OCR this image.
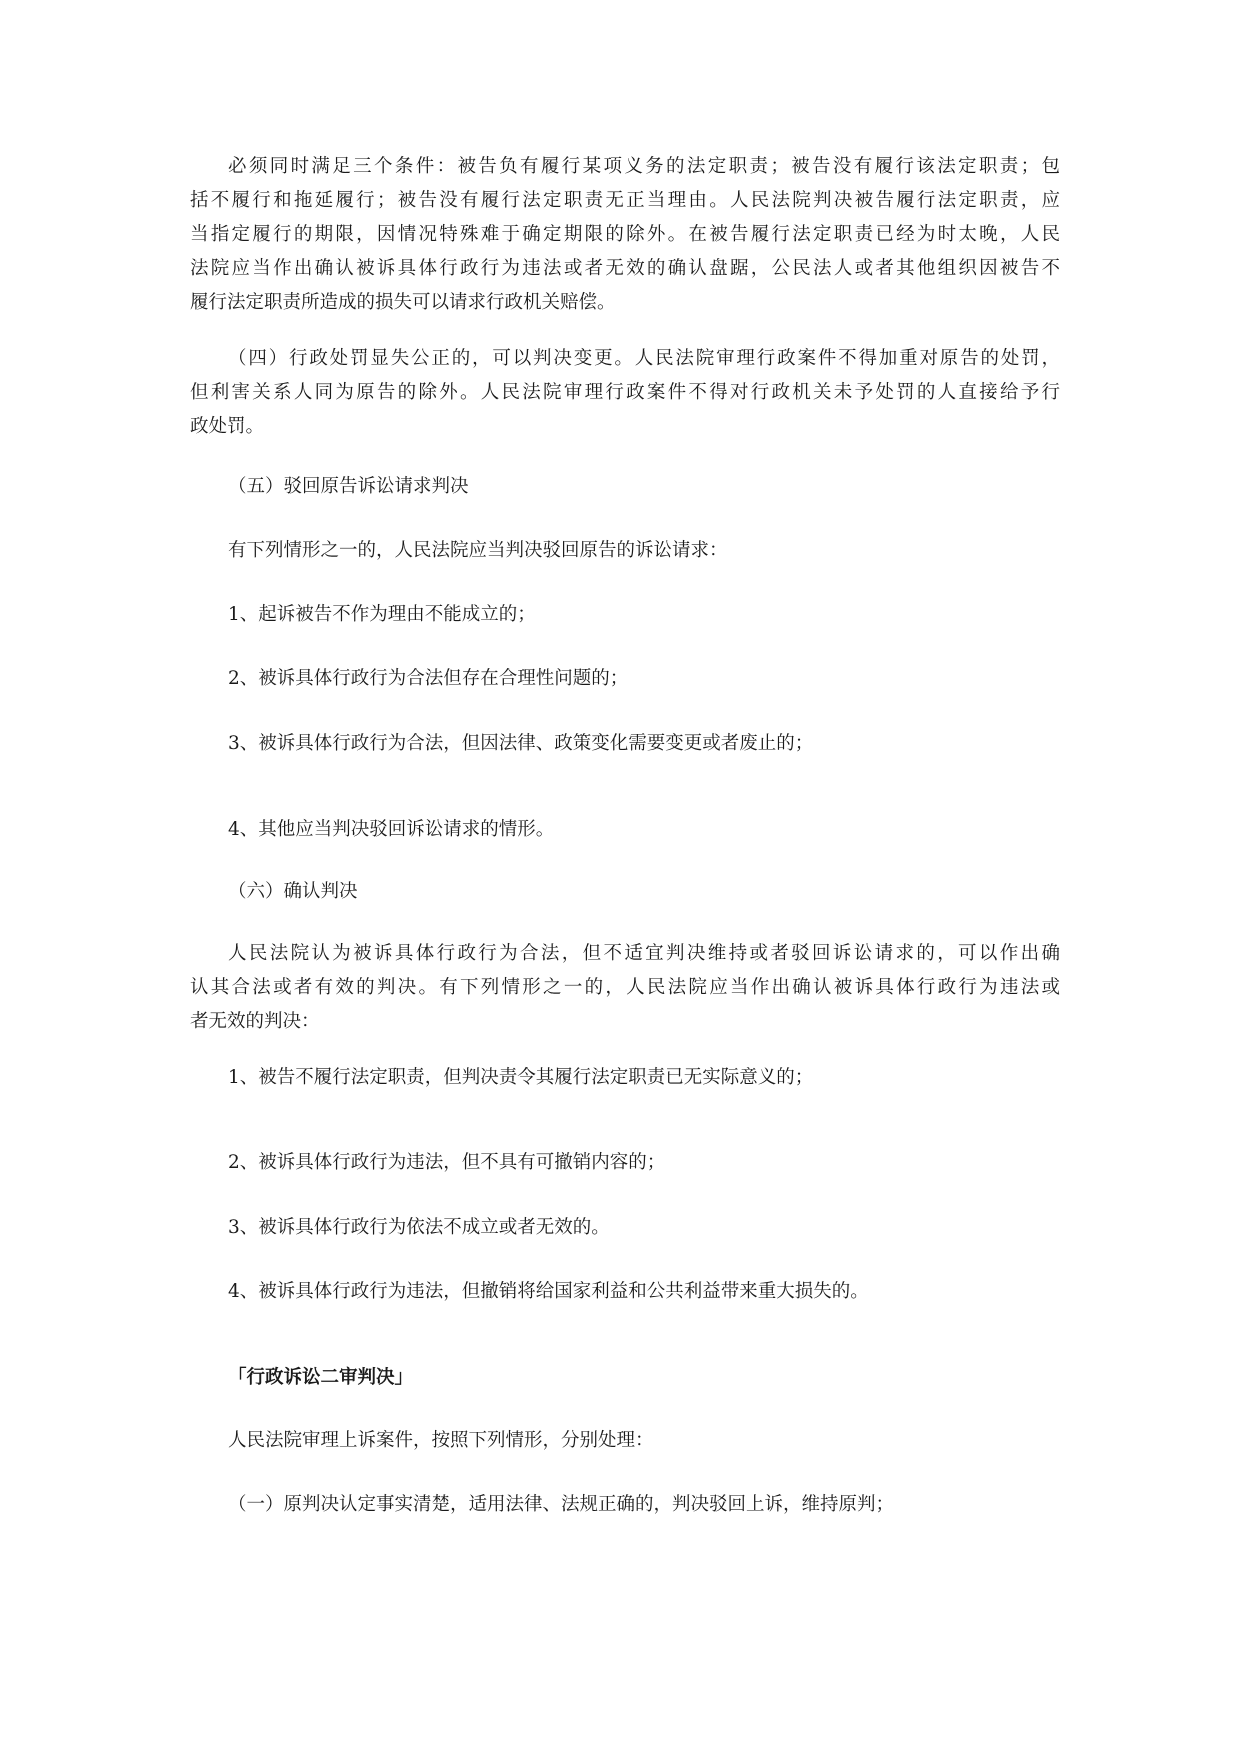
必须同时满足三个条件：被告负有履行某项义务的法定职责；被告没有履行该法定职责；包
括不履行和拖延履行；被告没有履行法定职责无正当理由。人民法院判决被告履行法定职责，应
当指定履行的期限，因情况特殊难于确定期限的除外。在被告履行法定职责已经为时太晚，人民
法院应当作出确认被诉具体行政行为违法或者无效的确认盘踞，公民法人或者其他组织因被告不
履行法定职责所造成的损失可以请求行政机关赔偿。
（四）行政处罚显失公正的，可以判决变更。人民法院审理行政案件不得加重对原告的处罚，
但利害关系人同为原告的除外。人民法院审理行政案件不得对行政机关未予处罚的人直接给予行
政处罚。
（五）驳回原告诉讼请求判决
有下列情形之一的，人民法院应当判决驳回原告的诉讼请求：
1、起诉被告不作为理由不能成立的；
2、被诉具体行政行为合法但存在合理性问题的；
3、被诉具体行政行为合法，但因法律、政策变化需要变更或者废止的；
4、其他应当判决驳回诉讼请求的情形。
（六）确认判决
人民法院认为被诉具体行政行为合法，但不适宜判决维持或者驳回诉讼请求的，可以作出确
认其合法或者有效的判决。有下列情形之一的，人民法院应当作出确认被诉具体行政行为违法或
者无效的判决：
1、被告不履行法定职责，但判决责令其履行法定职责已无实际意义的；
2、被诉具体行政行为违法，但不具有可撤销内容的；
3、被诉具体行政行为依法不成立或者无效的。
4、被诉具体行政行为违法，但撤销将给国家利益和公共利益带来重大损失的。
「行政诉讼二审判决」
人民法院审理上诉案件，按照下列情形，分别处理：
（一）原判决认定事实清楚，适用法律、法规正确的，判决驳回上诉，维持原判；
